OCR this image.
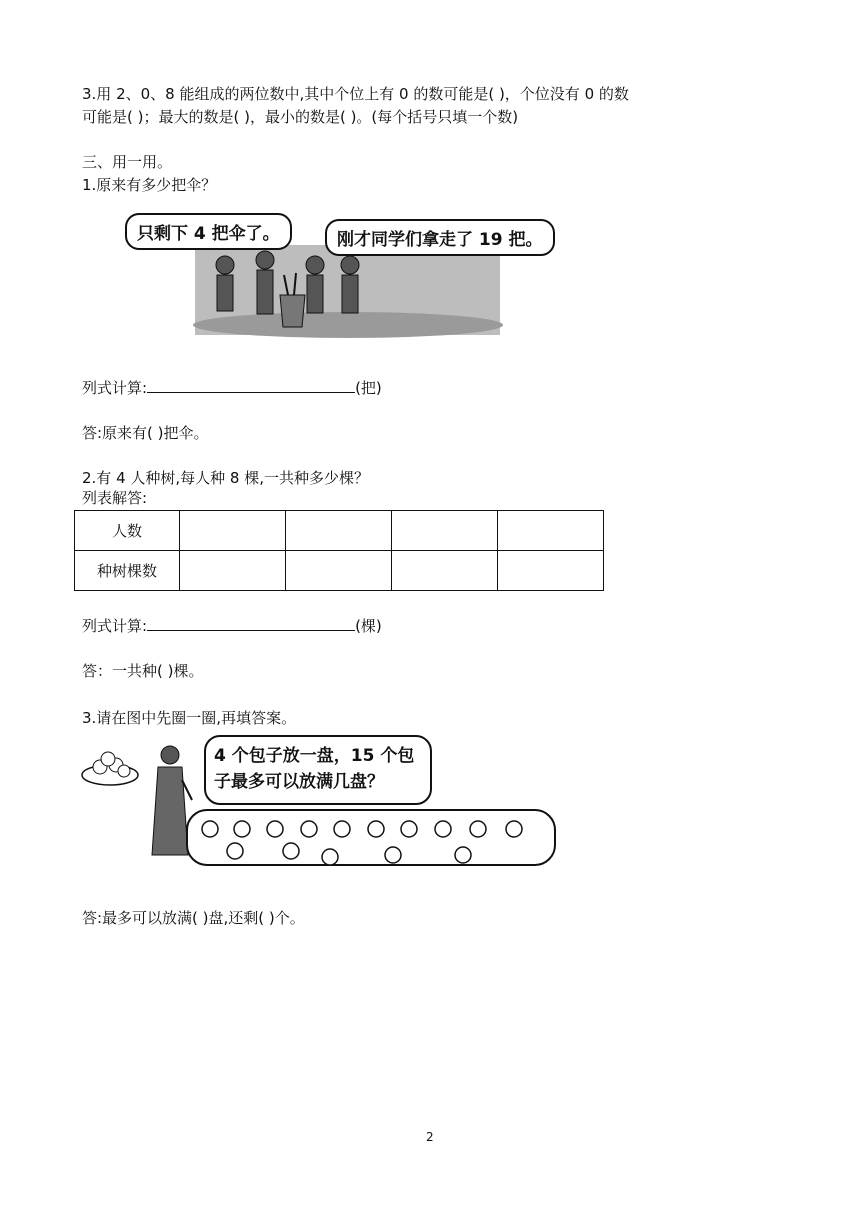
3.用 2、0、8 能组成的两位数中,其中个位上有 0 的数可能是( )，个位没有 0 的数
可能是( )；最大的数是( )，最小的数是( )。(每个括号只填一个数)
三、用一用。
1.原来有多少把伞？
只剩下 4 把伞了。	刚才同学们拿走了 19 把。
列式计算:	(把)
答:原来有( )把伞。
2.有 4 人种树,每人种 8 棵,一共种多少棵？
列表解答:
人数				
种树棵数				
列式计算:	(棵)
答：一共种( )棵。
3.请在图中先圈一圈,再填答案。
4 个包子放一盘，15 个包
子最多可以放满几盘？
答:最多可以放满( )盘,还剩( )个。
2
